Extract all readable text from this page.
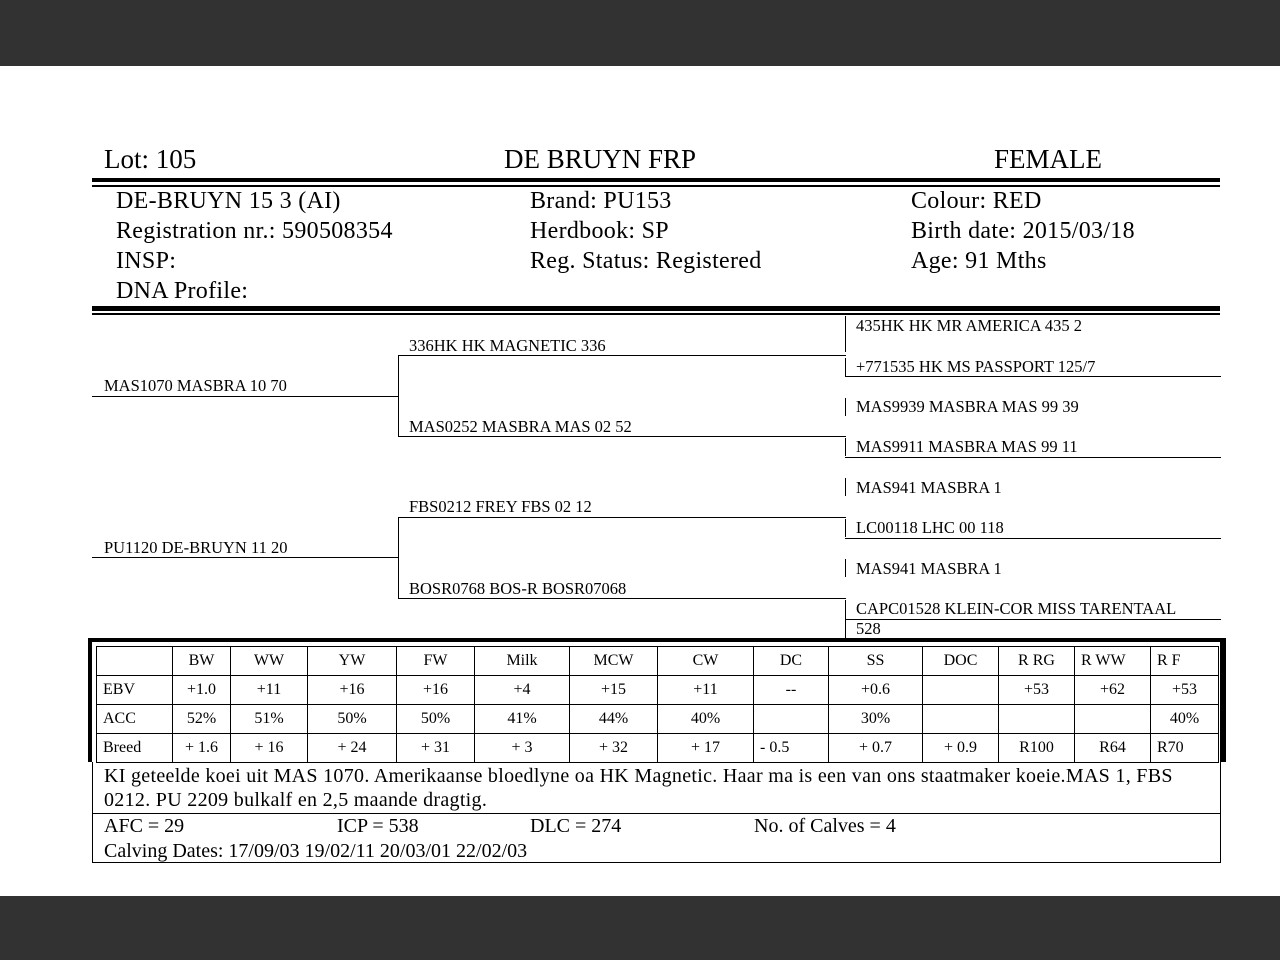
Lot: 105	DE BRUYN FRP	FEMALE
DE-BRUYN 15 3 (AI)
Registration nr.: 590508354
INSP:
DNA Profile:
Brand: PU153
Herdbook: SP
Reg. Status: Registered
Colour: RED
Birth date: 2015/03/18
Age: 91 Mths
MAS1070 MASBRA 10 70
PU1120 DE-BRUYN 11 20
336HK HK MAGNETIC 336
MAS0252 MASBRA MAS 02 52
FBS0212 FREY FBS 02 12
BOSR0768 BOS-R BOSR07068
435HK HK MR AMERICA 435 2
+771535 HK MS PASSPORT 125/7
MAS9939 MASBRA MAS 99 39
MAS9911 MASBRA MAS 99 11
MAS941 MASBRA 1
LC00118 LHC 00 118
MAS941 MASBRA 1
CAPC01528 KLEIN-COR MISS TARENTAAL
528
	BW	WW	YW	FW	Milk	MCW	CW	DC	SS	DOC	R RG	R WW	R F
EBV	+1.0	+11	+16	+16	+4	+15	+11	--	+0.6		+53	+62	+53
ACC	52%	51%	50%	50%	41%	44%	40%		30%				40%
Breed	+ 1.6	+ 16	+ 24	+ 31	+ 3	+ 32	+ 17	- 0.5	+ 0.7	+ 0.9	R100	R64	R70
KI geteelde koei uit MAS 1070. Amerikaanse bloedlyne oa HK Magnetic. Haar ma is een van ons staatmaker koeie.MAS 1, FBS 0212. PU 2209 bulkalf en 2,5 maande dragtig.
AFC = 29	ICP = 538	DLC = 274	No. of Calves = 4
Calving Dates: 17/09/03 19/02/11 20/03/01 22/02/03
